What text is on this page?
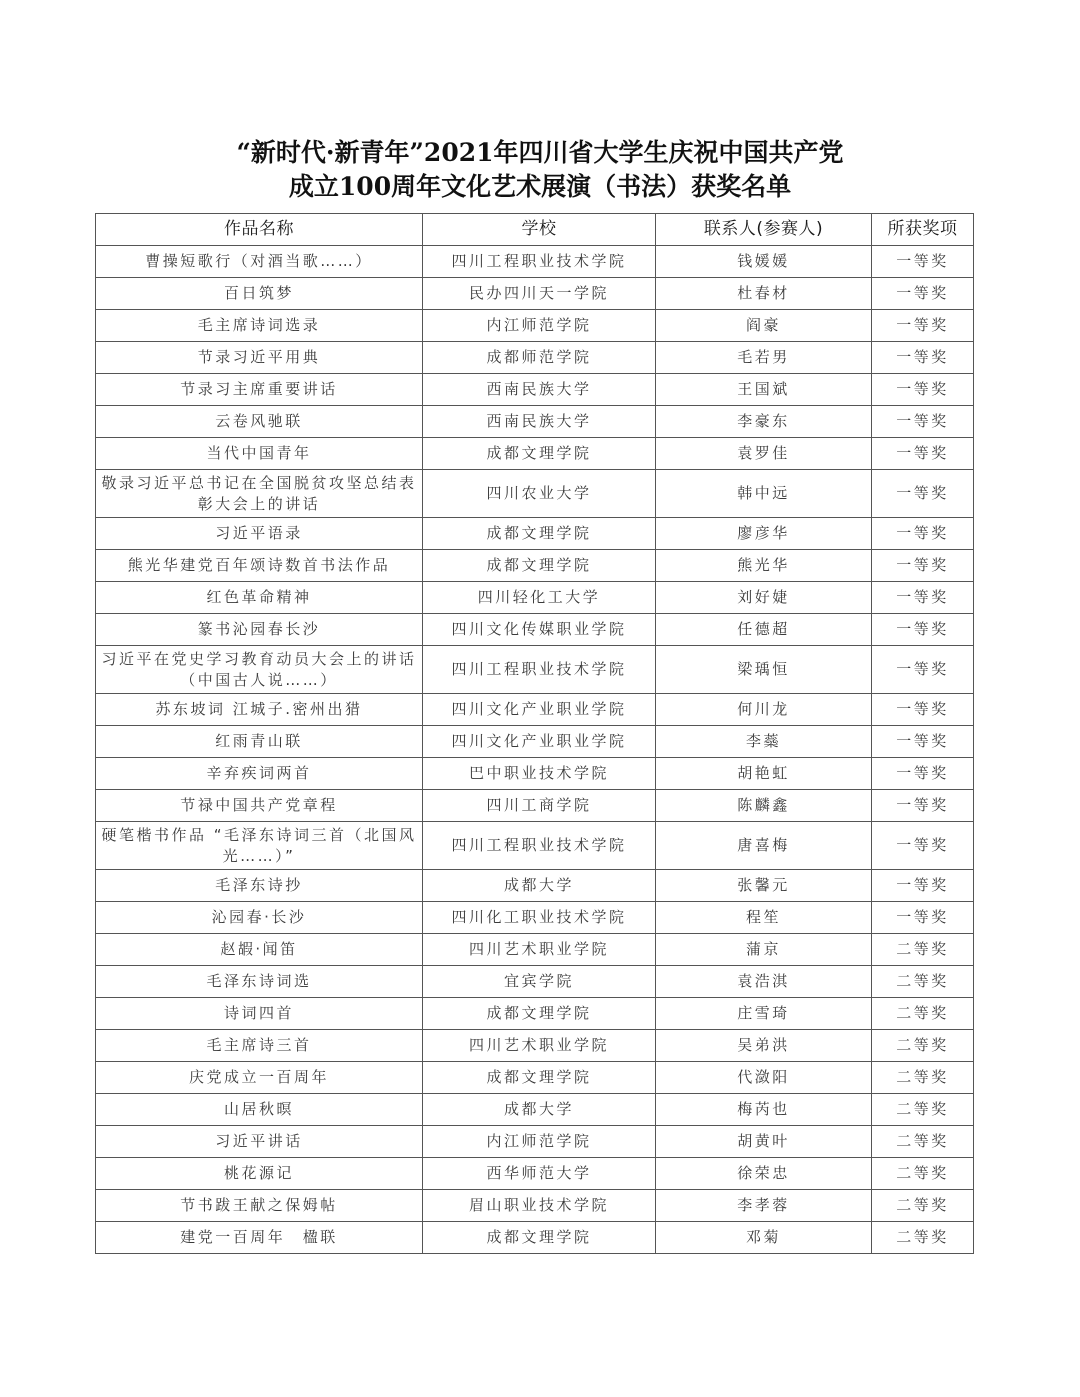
“新时代·新青年”2021年四川省大学生庆祝中国共产党
成立100周年文化艺术展演（书法）获奖名单
作品名称	学校	联系人(参赛人)	所获奖项
曹操短歌行（对酒当歌……）	四川工程职业技术学院	钱媛媛	一等奖
百日筑梦	民办四川天一学院	杜春材	一等奖
毛主席诗词选录	内江师范学院	阎豪	一等奖
节录习近平用典	成都师范学院	毛若男	一等奖
节录习主席重要讲话	西南民族大学	王国斌	一等奖
云卷风驰联	西南民族大学	李豪东	一等奖
当代中国青年	成都文理学院	袁罗佳	一等奖
敬录习近平总书记在全国脱贫攻坚总结表彰大会上的讲话	四川农业大学	韩中远	一等奖
习近平语录	成都文理学院	廖彦华	一等奖
熊光华建党百年颂诗数首书法作品	成都文理学院	熊光华	一等奖
红色革命精神	四川轻化工大学	刘好婕	一等奖
篆书沁园春长沙	四川文化传媒职业学院	任德超	一等奖
习近平在党史学习教育动员大会上的讲话（中国古人说……）	四川工程职业技术学院	梁瑀恒	一等奖
苏东坡词 江城子.密州出猎	四川文化产业职业学院	何川龙	一等奖
红雨青山联	四川文化产业职业学院	李蘂	一等奖
辛弃疾词两首	巴中职业技术学院	胡艳虹	一等奖
节禄中国共产党章程	四川工商学院	陈麟鑫	一等奖
硬笔楷书作品 “毛泽东诗词三首（北国风光……）”	四川工程职业技术学院	唐喜梅	一等奖
毛泽东诗抄	成都大学	张馨元	一等奖
沁园春·长沙	四川化工职业技术学院	程笙	一等奖
赵嘏·闻笛	四川艺术职业学院	蒲京	二等奖
毛泽东诗词选	宜宾学院	袁浩淇	二等奖
诗词四首	成都文理学院	庄雪琦	二等奖
毛主席诗三首	四川艺术职业学院	吴弟洪	二等奖
庆党成立一百周年	成都文理学院	代潋阳	二等奖
山居秋暝	成都大学	梅芮也	二等奖
习近平讲话	内江师范学院	胡黄叶	二等奖
桃花源记	西华师范大学	徐荣忠	二等奖
节书跋王献之保姆帖	眉山职业技术学院	李孝蓉	二等奖
建党一百周年　楹联	成都文理学院	邓菊	二等奖
